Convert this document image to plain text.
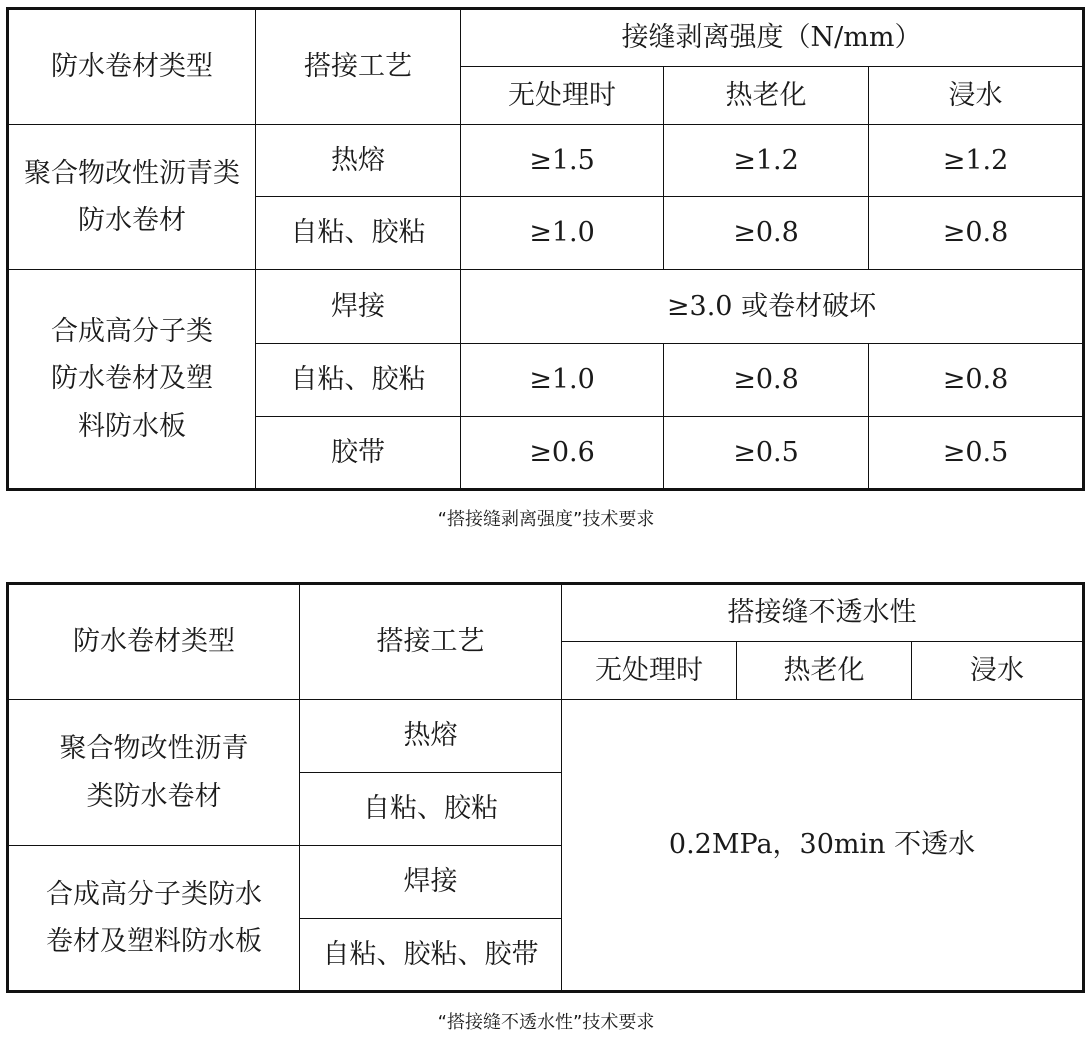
防水卷材类型	搭接工艺	接缝剥离强度（N/mm）		
		无处理时	热老化	浸水

聚合物改性沥青类
防水卷材	热熔	≥1.5	≥1.2	≥1.2
	自粘、胶粘	≥1.0	≥0.8	≥0.8

合成高分子类
防水卷材及塑
料防水板	焊接	≥3.0 或卷材破坏		
	自粘、胶粘	≥1.0	≥0.8	≥0.8
	胶带	≥0.6	≥0.5	≥0.5
“搭接缝剥离强度”技术要求
防水卷材类型	搭接工艺	搭接缝不透水性		
		无处理时	热老化	浸水

聚合物改性沥青
类防水卷材	热熔	0.2MPa，30min 不透水		
	自粘、胶粘			

合成高分子类防水
卷材及塑料防水板	焊接			
	自粘、胶粘、胶带			
“搭接缝不透水性”技术要求
